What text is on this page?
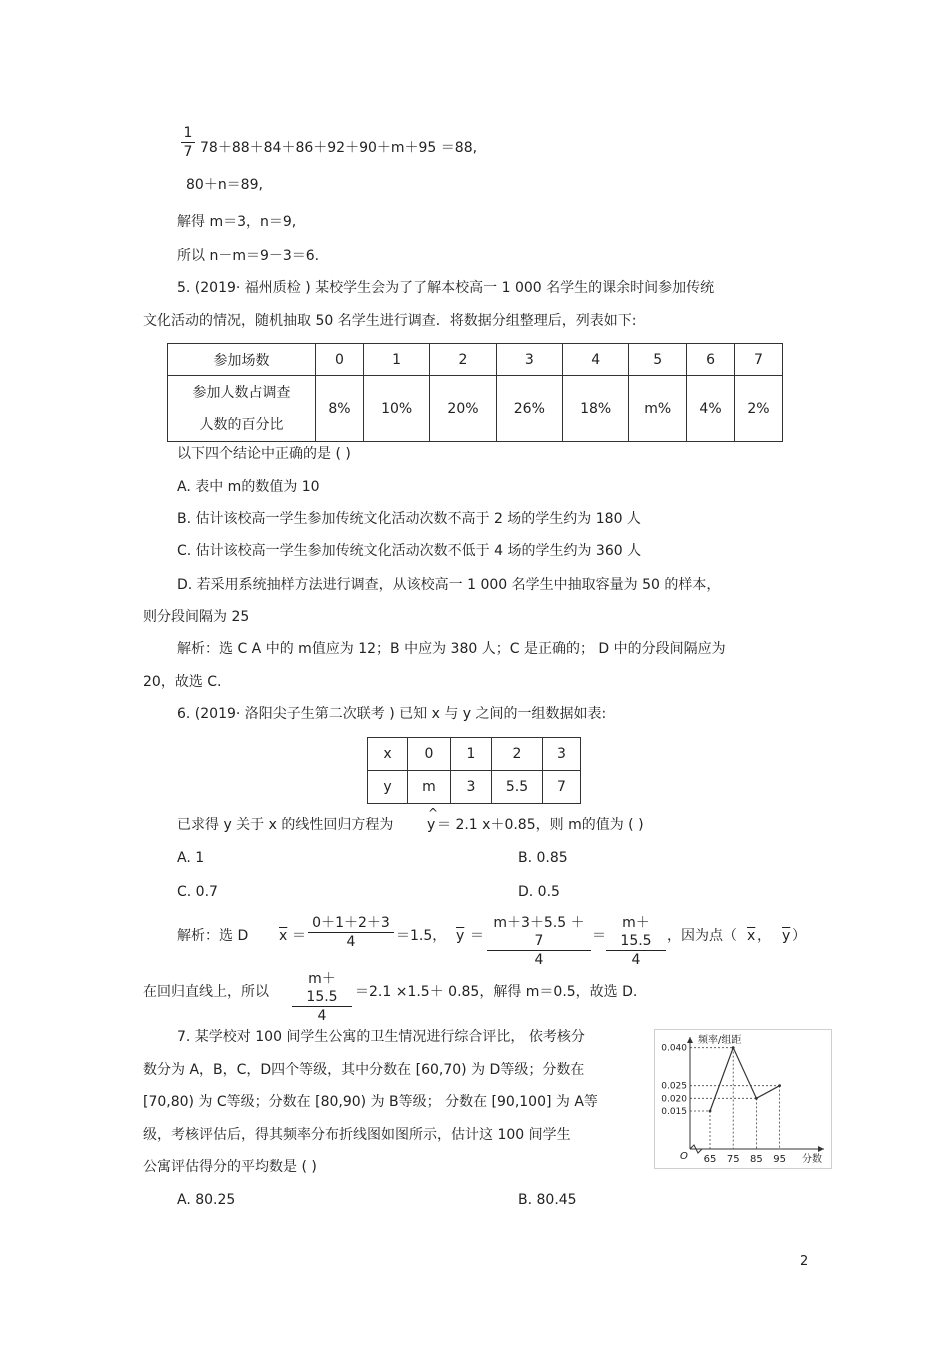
$\frac{1}{7} 78+88+84+86+92+90+m+95 =88$,
80＋n＝89,
解得 m＝3，n＝9,
所以 n－m＝9－3＝6.
5. (2019· 福州质检 ) 某校学生会为了了解本校高一 1 000 名学生的课余时间参加传统
文化活动的情况，随机抽取 50 名学生进行调查．将数据分组整理后，列表如下:
参加场数	0	1	2	3	4	5	6	7

参加人数占调查
人数的百分比	8%	10%	20%	26%	18%	m%	4%	2%
以下四个结论中正确的是 ( )
A. 表中 m的数值为 10
B. 估计该校高一学生参加传统文化活动次数不高于 2 场的学生约为 180 人
C. 估计该校高一学生参加传统文化活动次数不低于 4 场的学生约为 360 人
D. 若采用系统抽样方法进行调查，从该校高一 1 000 名学生中抽取容量为 50 的样本，
则分段间隔为 25
解析：选 C A 中的 m值应为 12；B 中应为 380 人；C 是正确的； D 中的分段间隔应为
20，故选 C.
6. (2019· 洛阳尖子生第二次联考 ) 已知 x 与 y 之间的一组数据如表:
x	0	1	2	3
y	m	3	5.5	7
已求得 y 关于 x 的线性回归方程为
^
y ＝ 2.1 x＋0.85，则 m的值为 ( )
A. 1	B. 0.85
C. 0.7	D. 0.5
解析：选 D $\overline{x} = \frac{0+1+2+3}{4} =1.5$， $\overline{y} = \frac{m+3+5.5 +7}{4} = \frac{m+15.5}{4}$ ，因为点（ $\overline{x}$ ， $\overline{y}$ ）
在回归直线上，所以 $\frac{m+15.5}{4} =2.1 \times 1.5+ 0.85$，解得 m＝0.5，故选 D.
7. 某学校对 100 间学生公寓的卫生情况进行综合评比， 依考核分
数分为 A，B，C，D四个等级，其中分数在 [60,70) 为 D等级；分数在
[70,80) 为 C等级；分数在 [80,90) 为 B等级； 分数在 [90,100] 为 A等
级，考核评估后，得其频率分布折线图如图所示，估计这 100 间学生
公寓评估得分的平均数是 ( )
A. 80.25	B. 80.45
0.015
0.020
0.025
0.040
65 75 85 95
O
频率/组距
分数
2
